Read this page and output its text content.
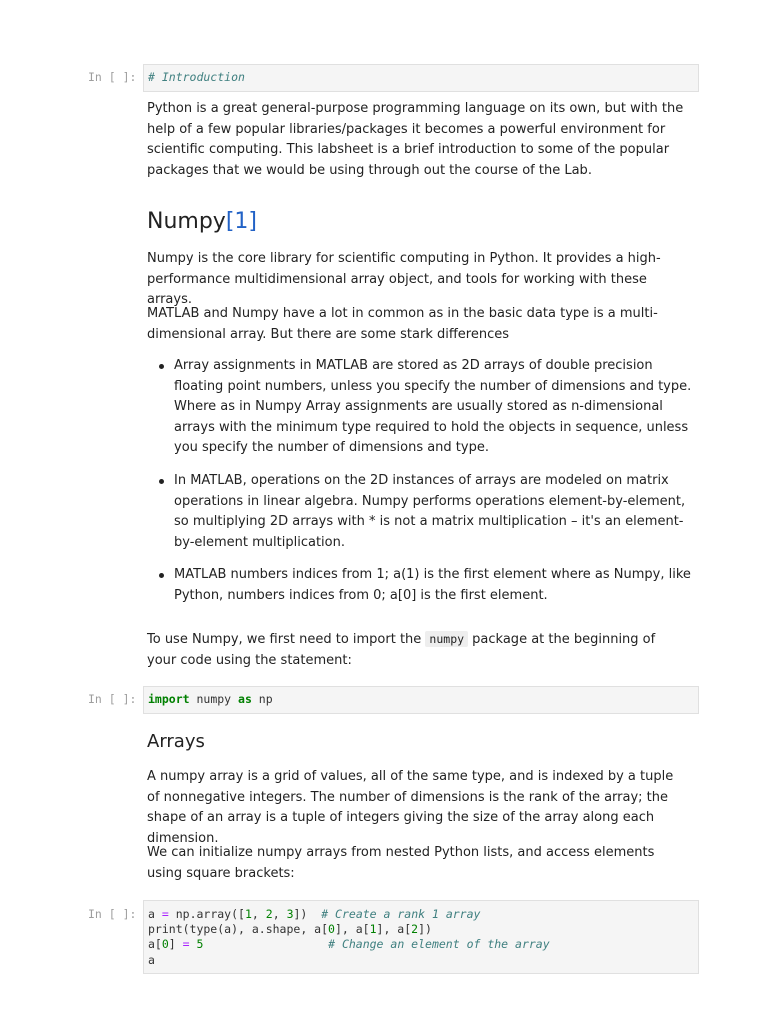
In [ ]:	# Introduction

Python is a great general-purpose programming language on its own, but with the help of a few popular libraries/packages it becomes a powerful environment for scientific computing. This labsheet is a brief introduction to some of the popular packages that we would be using through out the course of the Lab.

Numpy[1]

Numpy is the core library for scientific computing in Python. It provides a high-performance multidimensional array object, and tools for working with these arrays.

MATLAB and Numpy have a lot in common as in the basic data type is a multi-dimensional array. But there are some stark differences

Array assignments in MATLAB are stored as 2D arrays of double precision floating point numbers, unless you specify the number of dimensions and type. Where as in Numpy Array assignments are usually stored as n-dimensional arrays with the minimum type required to hold the objects in sequence, unless you specify the number of dimensions and type.
In MATLAB, operations on the 2D instances of arrays are modeled on matrix operations in linear algebra. Numpy performs operations element-by-element, so multiplying 2D arrays with * is not a matrix multiplication – it's an element-by-element multiplication.
MATLAB numbers indices from 1; a(1) is the first element where as Numpy, like Python, numbers indices from 0; a[0] is the first element.

To use Numpy, we first need to import the numpy package at the beginning of your code using the statement:

In [ ]:	import numpy as np
Arrays

A numpy array is a grid of values, all of the same type, and is indexed by a tuple of nonnegative integers. The number of dimensions is the rank of the array; the shape of an array is a tuple of integers giving the size of the array along each dimension.

We can initialize numpy arrays from nested Python lists, and access elements using square brackets:

In [ ]:	a = np.array([1, 2, 3])  # Create a rank 1 array
print(type(a), a.shape, a[0], a[1], a[2])
a[0] = 5	# Change an element of the array
a
